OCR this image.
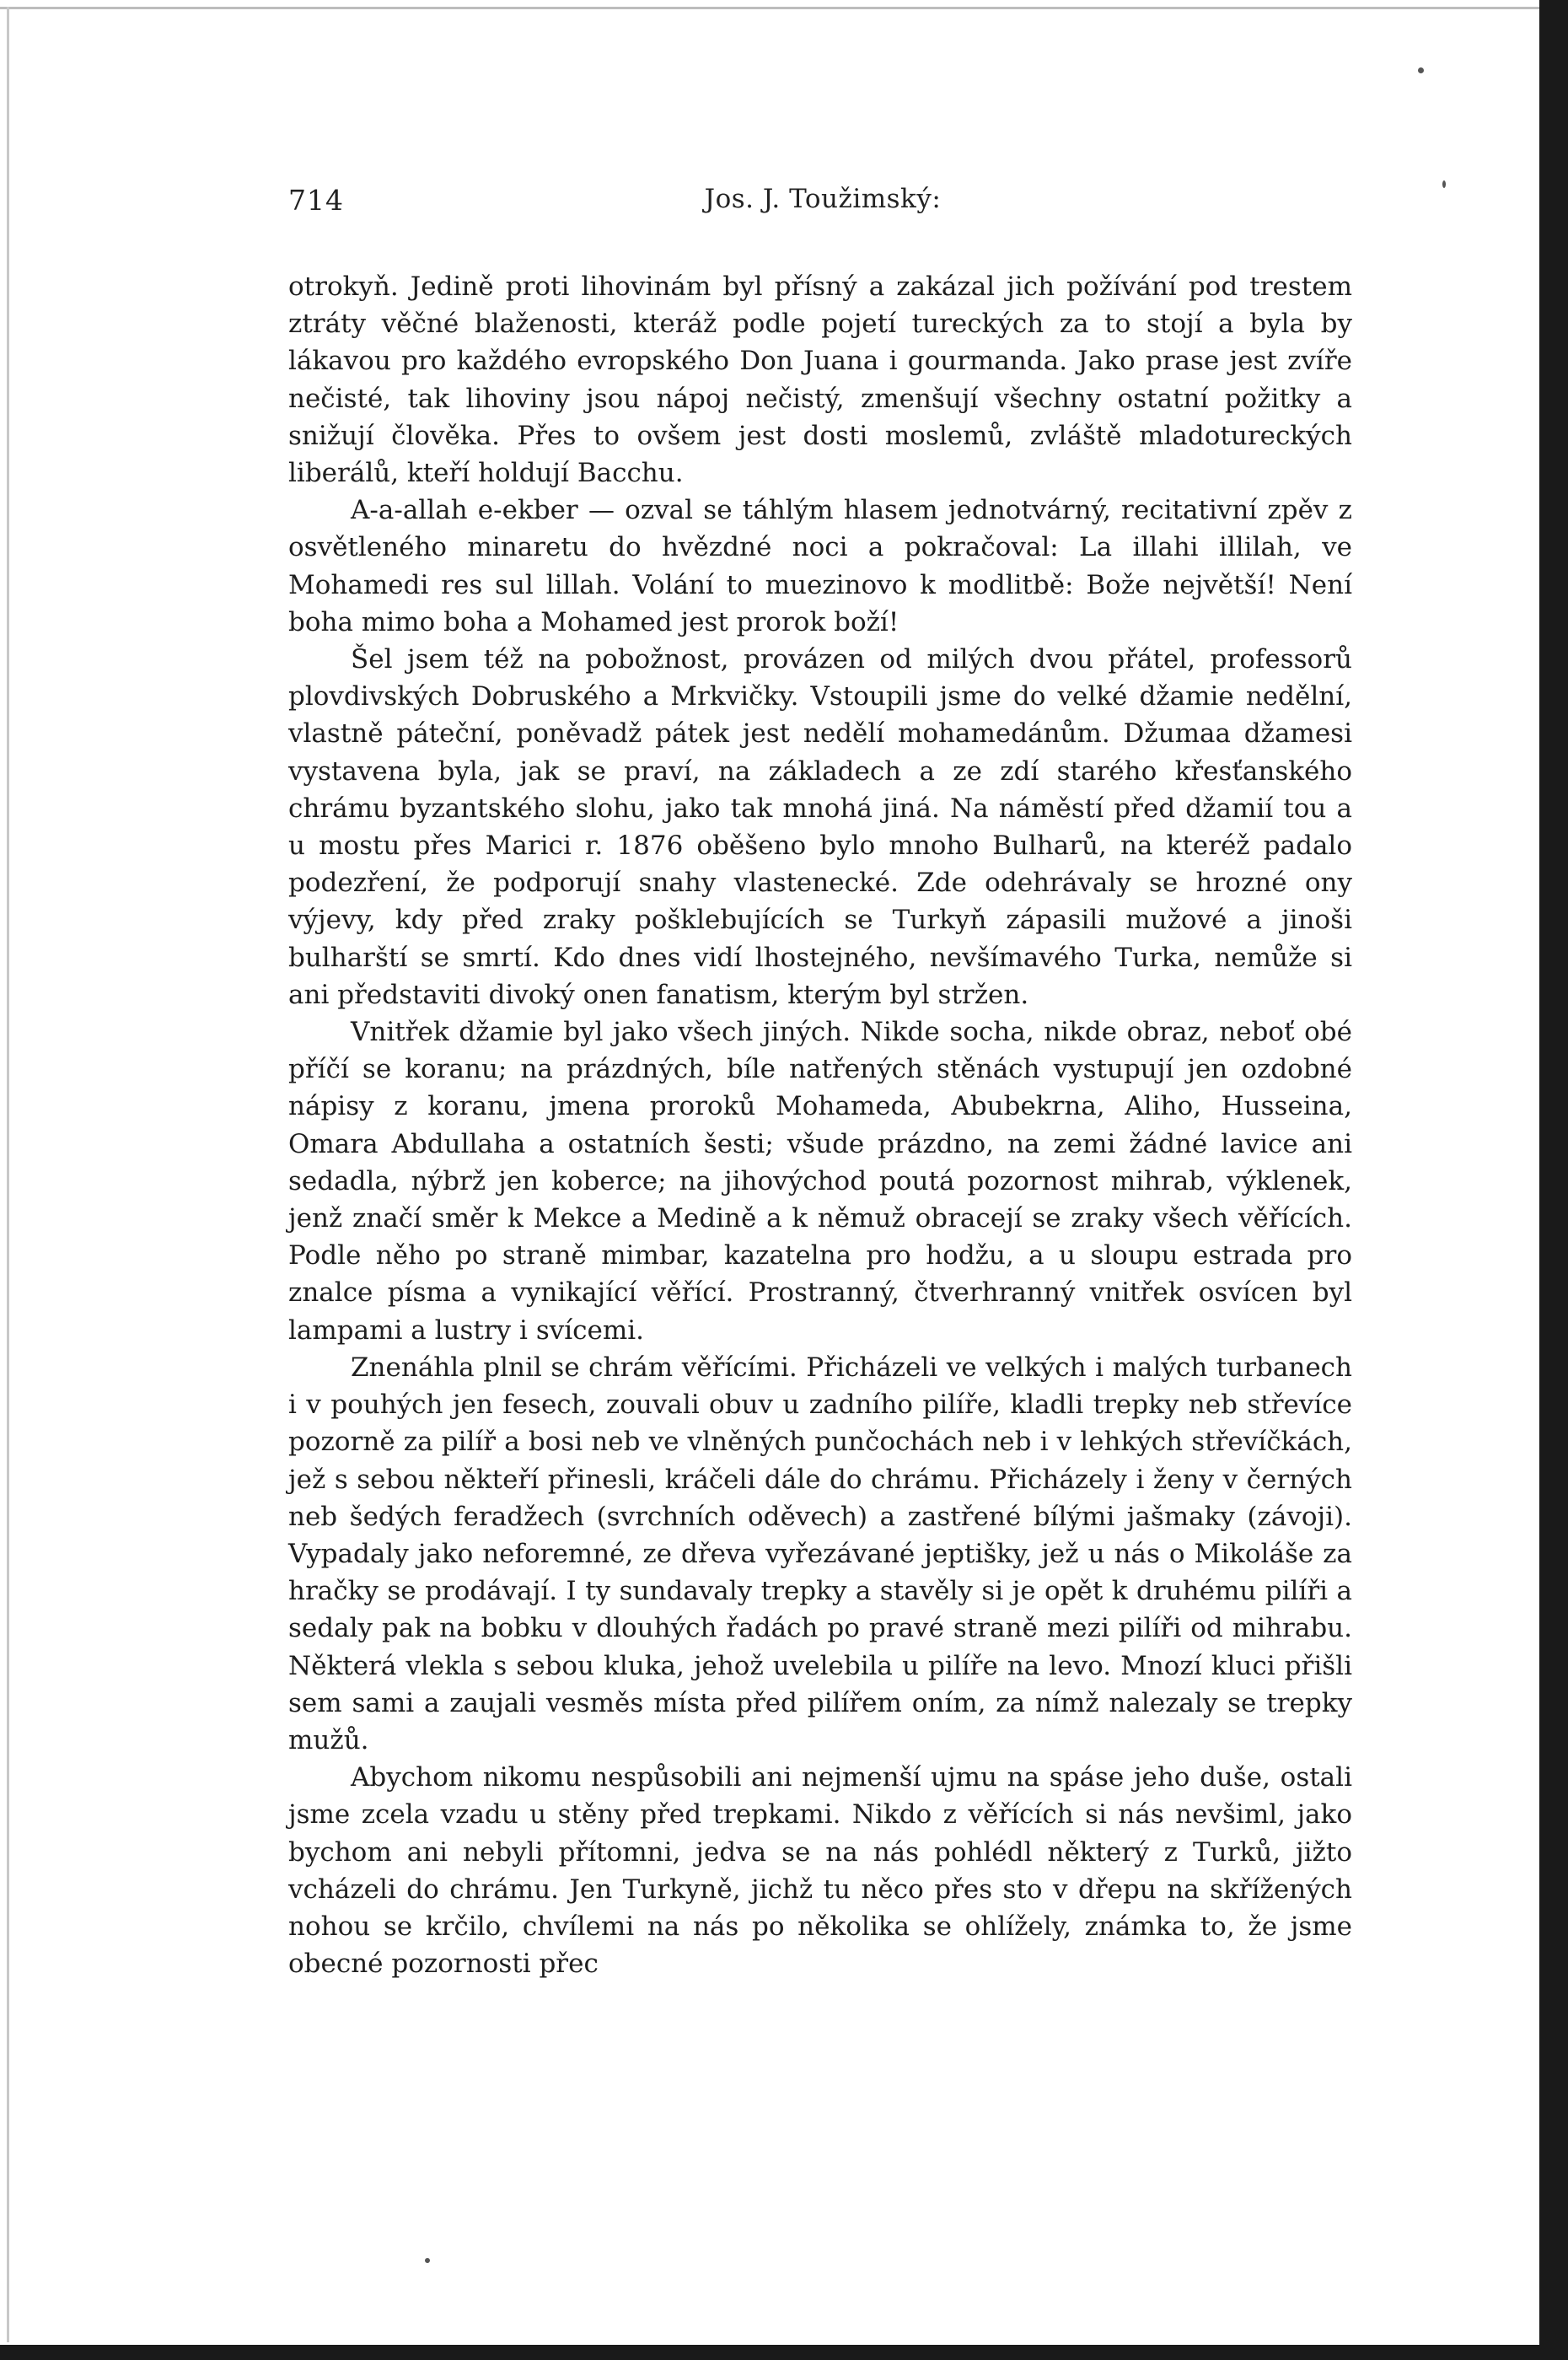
714	Jos. J. Toužimský:

otrokyň. Jedině proti lihovinám byl přísný a zakázal jich požívání pod trestem ztráty věčné blaženosti, kteráž podle pojetí tureckých za to stojí a byla by lákavou pro každého evropského Don Juana i gourmanda. Jako prase jest zvíře nečisté, tak lihoviny jsou nápoj nečistý, zmenšují všechny ostatní požitky a snižují člověka. Přes to ovšem jest dosti moslemů, zvláště mladotureckých liberálů, kteří holdují Bacchu.

A-a-allah e-ekber — ozval se táhlým hlasem jednotvárný, recitativní zpěv z osvětleného minaretu do hvězdné noci a pokračoval: La illahi illilah, ve Mohamedi res sul lillah. Volání to muezinovo k modlitbě: Bože největší! Není boha mimo boha a Mohamed jest prorok boží!

Šel jsem též na pobožnost, provázen od milých dvou přátel, professorů plovdivských Dobruského a Mrkvičky. Vstoupili jsme do velké džamie nedělní, vlastně páteční, poněvadž pátek jest nedělí mohamedánům. Džumaa džamesi vystavena byla, jak se praví, na základech a ze zdí starého křesťanského chrámu byzantského slohu, jako tak mnohá jiná. Na náměstí před džamií tou a u mostu přes Marici r. 1876 oběšeno bylo mnoho Bulharů, na kteréž padalo podezření, že podporují snahy vlastenecké. Zde odehrávaly se hrozné ony výjevy, kdy před zraky pošklebujících se Turkyň zápasili mužové a jinoši bulharští se smrtí. Kdo dnes vidí lhostejného, nevšímavého Turka, nemůže si ani představiti divoký onen fanatism, kterým byl stržen.

Vnitřek džamie byl jako všech jiných. Nikde socha, nikde obraz, neboť obé příčí se koranu; na prázdných, bíle natřených stěnách vystupují jen ozdobné nápisy z koranu, jmena proroků Mohameda, Abubekrna, Aliho, Husseina, Omara Abdullaha a ostatních šesti; všude prázdno, na zemi žádné lavice ani sedadla, nýbrž jen koberce; na jihovýchod poutá pozornost mihrab, výklenek, jenž značí směr k Mekce a Medině a k němuž obracejí se zraky všech věřících. Podle něho po straně mimbar, kazatelna pro hodžu, a u sloupu estrada pro znalce písma a vynikající věřící. Prostranný, čtverhranný vnitřek osvícen byl lampami a lustry i svícemi.

Znenáhla plnil se chrám věřícími. Přicházeli ve velkých i malých turbanech i v pouhých jen fesech, zouvali obuv u zadního pilíře, kladli trepky neb střevíce pozorně za pilíř a bosi neb ve vlněných punčochách neb i v lehkých střevíčkách, jež s sebou někteří přinesli, kráčeli dále do chrámu. Přicházely i ženy v černých neb šedých feradžech (svrchních oděvech) a zastřené bílými jašmaky (závoji). Vypadaly jako neforemné, ze dřeva vyřezávané jeptišky, jež u nás o Mikoláše za hračky se prodávají. I ty sundavaly trepky a stavěly si je opět k druhému pilíři a sedaly pak na bobku v dlouhých řadách po pravé straně mezi pilíři od mihrabu. Některá vlekla s sebou kluka, jehož uvelebila u pilíře na levo. Mnozí kluci přišli sem sami a zaujali vesměs místa před pilířem oním, za nímž nalezaly se trepky mužů.

Abychom nikomu nespůsobili ani nejmenší ujmu na spáse jeho duše, ostali jsme zcela vzadu u stěny před trepkami. Nikdo z věřících si nás nevšiml, jako bychom ani nebyli přítomni, jedva se na nás pohlédl některý z Turků, jižto vcházeli do chrámu. Jen Turkyně, jichž tu něco přes sto v dřepu na skřížených nohou se krčilo, chvílemi na nás po několika se ohlížely, známka to, že jsme obecné pozornosti přec
